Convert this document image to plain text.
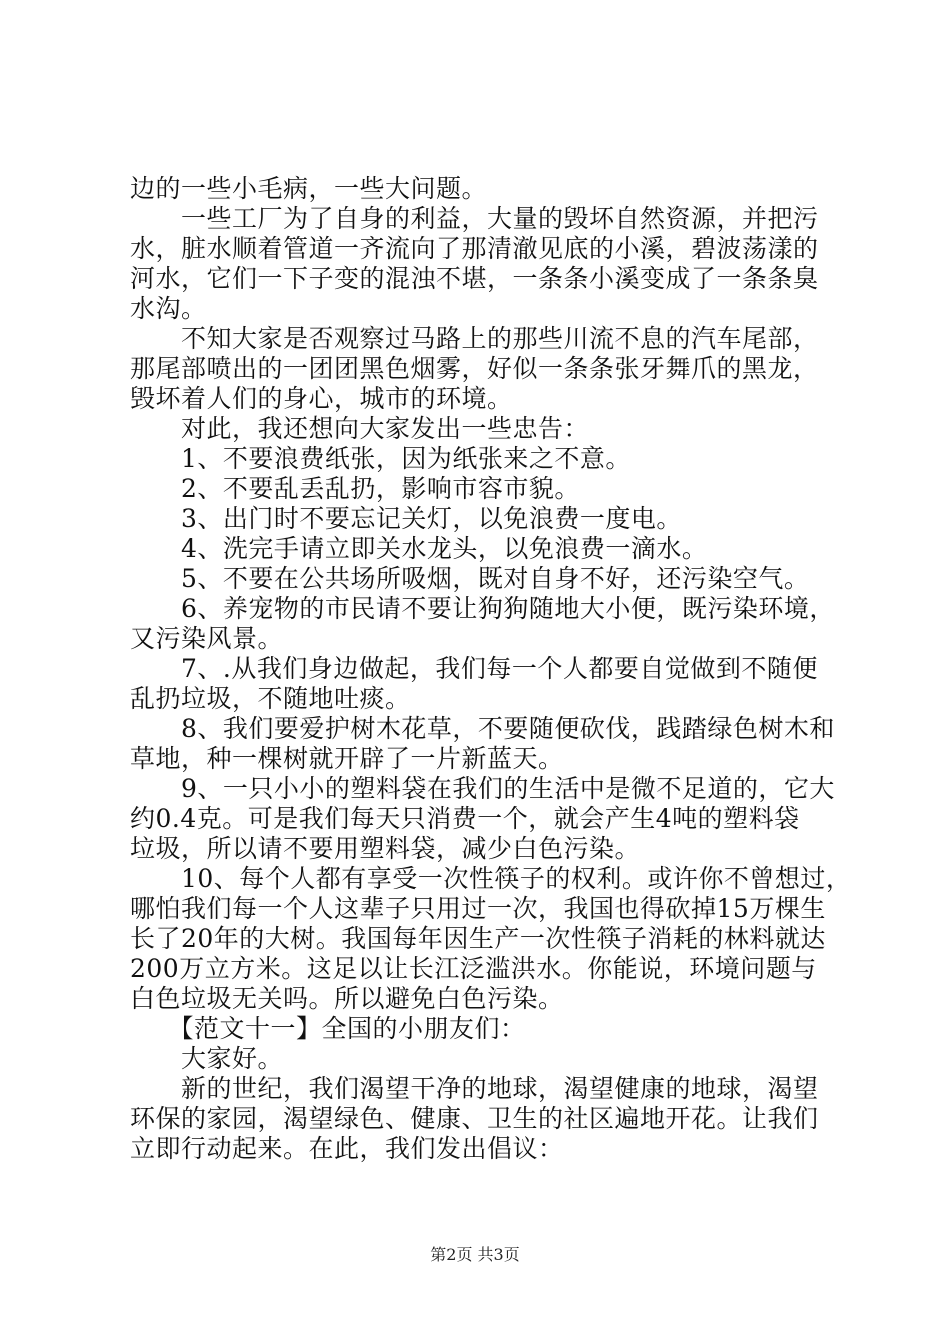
边的一些小毛病，一些大问题。

　　一些工厂为了自身的利益，大量的毁坏自然资源，并把污

水，脏水顺着管道一齐流向了那清澈见底的小溪，碧波荡漾的

河水，它们一下子变的混浊不堪，一条条小溪变成了一条条臭

水沟。

　　不知大家是否观察过马路上的那些川流不息的汽车尾部，

那尾部喷出的一团团黑色烟雾，好似一条条张牙舞爪的黑龙，

毁坏着人们的身心，城市的环境。

　　对此，我还想向大家发出一些忠告：

　　1、不要浪费纸张，因为纸张来之不意。

　　2、不要乱丢乱扔，影响市容市貌。

　　3、出门时不要忘记关灯，以免浪费一度电。

　　4、洗完手请立即关水龙头，以免浪费一滴水。

　　5、不要在公共场所吸烟，既对自身不好，还污染空气。

　　6、养宠物的市民请不要让狗狗随地大小便，既污染环境，

又污染风景。

　　7、.从我们身边做起，我们每一个人都要自觉做到不随便

乱扔垃圾，不随地吐痰。

　　8、我们要爱护树木花草，不要随便砍伐，践踏绿色树木和

草地，种一棵树就开辟了一片新蓝天。

　　9、一只小小的塑料袋在我们的生活中是微不足道的，它大

约0.4克。可是我们每天只消费一个，就会产生4吨的塑料袋

垃圾，所以请不要用塑料袋，减少白色污染。

　　10、每个人都有享受一次性筷子的权利。或许你不曾想过，

哪怕我们每一个人这辈子只用过一次，我国也得砍掉15万棵生

长了20年的大树。我国每年因生产一次性筷子消耗的林料就达

200万立方米。这足以让长江泛滥洪水。你能说，环境问题与

白色垃圾无关吗。所以避免白色污染。

　　【范文十一】全国的小朋友们：

　　大家好。

　　新的世纪，我们渴望干净的地球，渴望健康的地球，渴望

环保的家园，渴望绿色、健康、卫生的社区遍地开花。让我们

立即行动起来。在此，我们发出倡议：

第2页 共3页
